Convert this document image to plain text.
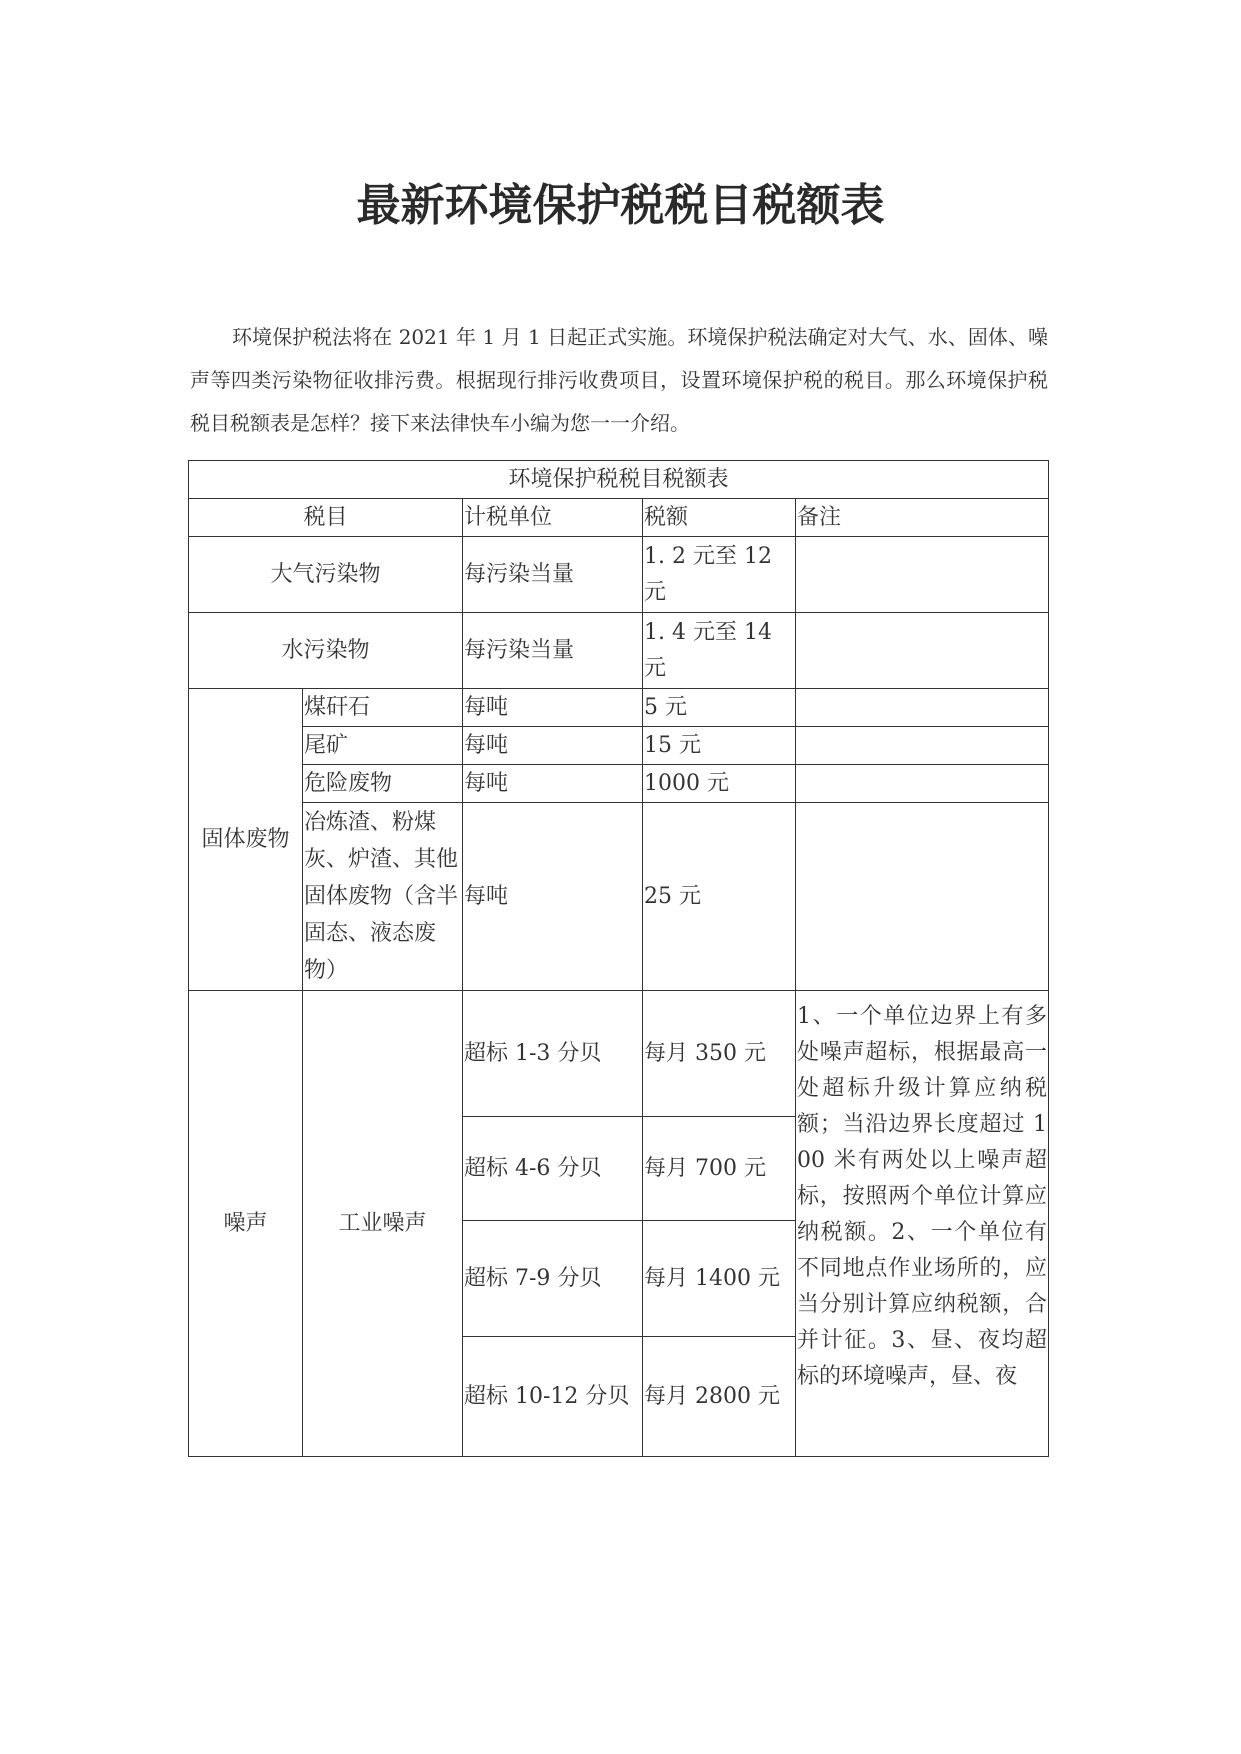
最新环境保护税税目税额表

环境保护税法将在 2021 年 1 月 1 日起正式实施。环境保护税法确定对大气、水、固体、噪声等四类污染物征收排污费。根据现行排污收费项目，设置环境保护税的税目。那么环境保护税税目税额表是怎样？接下来法律快车小编为您一一介绍。

环境保护税税目税额表				
税目		计税单位	税额	备注
大气污染物		每污染当量	1. 2 元至 12 元	
水污染物		每污染当量	1. 4 元至 14 元	
固体废物	煤矸石	每吨	5 元	
	尾矿	每吨	15 元	
	危险废物	每吨	1000 元	
	冶炼渣、粉煤灰、炉渣、其他固体废物（含半固态、液态废物）	每吨	25 元	
噪声	工业噪声	超标 1-3 分贝	每月 350 元	1、一个单位边界上有多处噪声超标，根据最高一处超标升级计算应纳税额；当沿边界长度超过 100 米有两处以上噪声超标，按照两个单位计算应纳税额。2、一个单位有不同地点作业场所的，应当分别计算应纳税额，合并计征。3、昼、夜均超标的环境噪声，昼、夜
		超标 4-6 分贝	每月 700 元	
		超标 7-9 分贝	每月 1400 元	
		超标 10-12 分贝	每月 2800 元	
